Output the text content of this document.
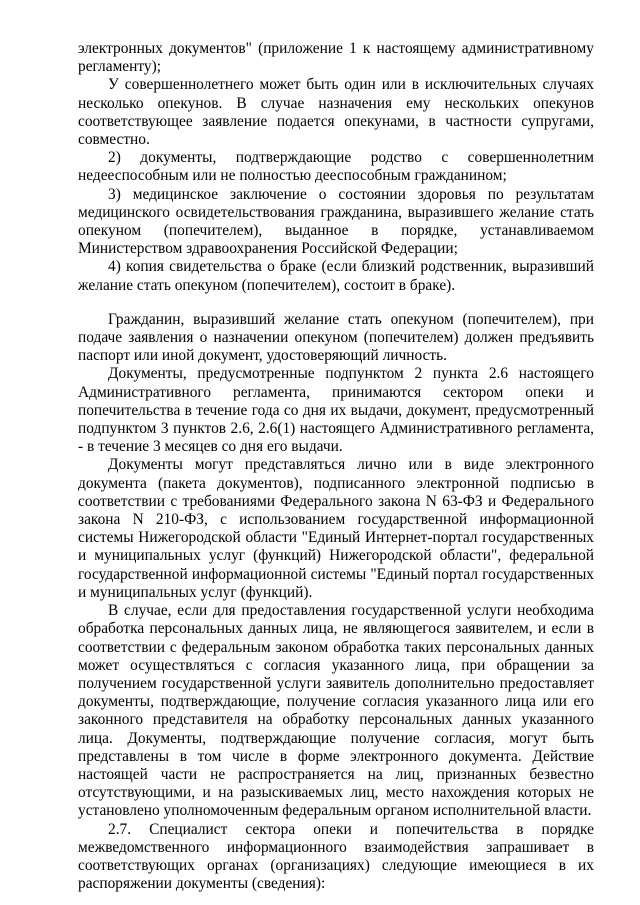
электронных документов" (приложение 1 к настоящему административному регламенту);

У совершеннолетнего может быть один или в исключительных случаях несколько опекунов. В случае назначения ему нескольких опекунов соответствующее заявление подается опекунами, в частности супругами, совместно.

2) документы, подтверждающие родство с совершеннолетним недееспособным или не полностью дееспособным гражданином;

3) медицинское заключение о состоянии здоровья по результатам медицинского освидетельствования гражданина, выразившего желание стать опекуном (попечителем), выданное в порядке, устанавливаемом Министерством здравоохранения Российской Федерации;

4) копия свидетельства о браке (если близкий родственник, выразивший желание стать опекуном (попечителем), состоит в браке).

Гражданин, выразивший желание стать опекуном (попечителем), при подаче заявления о назначении опекуном (попечителем) должен предъявить паспорт или иной документ, удостоверяющий личность.

Документы, предусмотренные подпунктом 2 пункта 2.6 настоящего Административного регламента, принимаются сектором опеки и попечительства в течение года со дня их выдачи, документ, предусмотренный подпунктом 3 пунктов 2.6, 2.6(1) настоящего Административного регламента, - в течение 3 месяцев со дня его выдачи.

Документы могут представляться лично или в виде электронного документа (пакета документов), подписанного электронной подписью в соответствии с требованиями Федерального закона N 63-ФЗ и Федерального закона N 210-ФЗ, с использованием государственной информационной системы Нижегородской области "Единый Интернет-портал государственных и муниципальных услуг (функций) Нижегородской области", федеральной государственной информационной системы "Единый портал государственных и муниципальных услуг (функций).

В случае, если для предоставления государственной услуги необходима обработка персональных данных лица, не являющегося заявителем, и если в соответствии с федеральным законом обработка таких персональных данных может осуществляться с согласия указанного лица, при обращении за получением государственной услуги заявитель дополнительно предоставляет документы, подтверждающие, получение согласия указанного лица или его законного представителя на обработку персональных данных указанного лица. Документы, подтверждающие получение согласия, могут быть представлены в том числе в форме электронного документа. Действие настоящей части не распространяется на лиц, признанных безвестно отсутствующими, и на разыскиваемых лиц, место нахождения которых не установлено уполномоченным федеральным органом исполнительной власти.

2.7. Специалист сектора опеки и попечительства в порядке межведомственного информационного взаимодействия запрашивает в соответствующих органах (организациях) следующие имеющиеся в их распоряжении документы (сведения):
